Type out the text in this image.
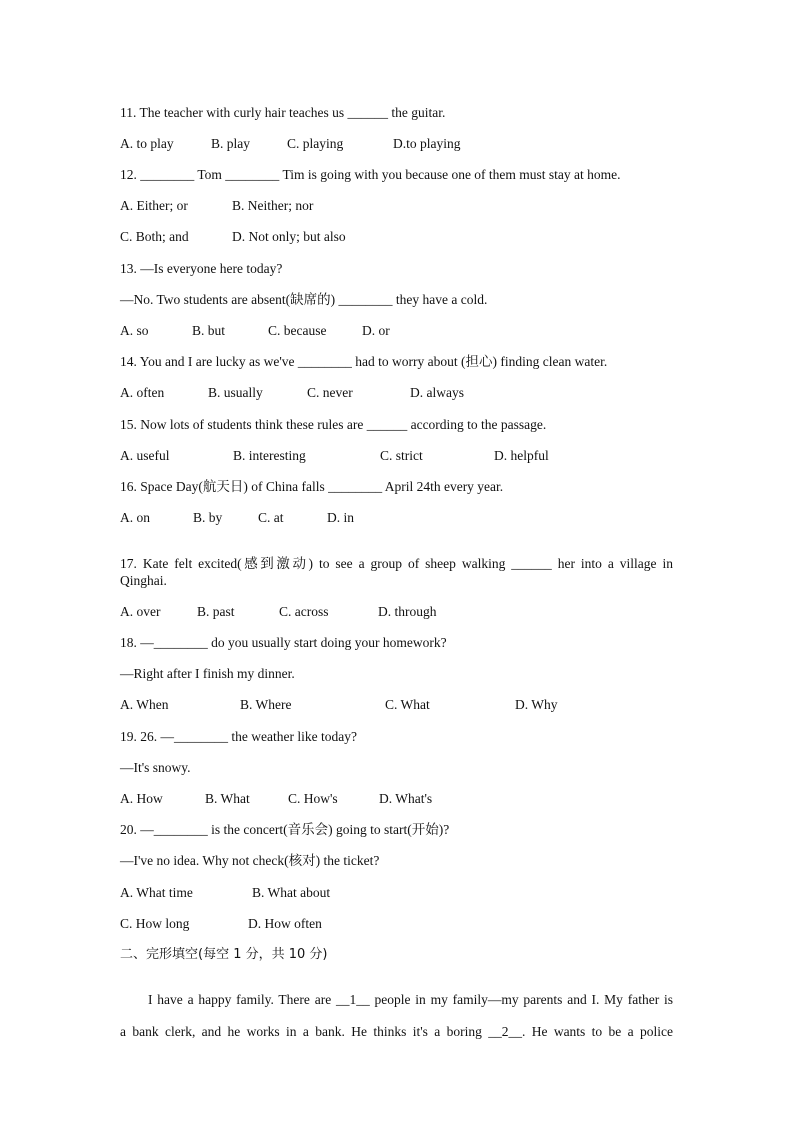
11. The teacher with curly hair teaches us ______ the guitar.

A. to play	B. play	C. playing	D.to playing

12. ________ Tom ________ Tim is going with you because one of them must stay at home.

A. Either; or	B. Neither; nor
C. Both; and	D. Not only; but also

13. —Is everyone here today?

—No. Two students are absent(缺席的) ________ they have a cold.

A. so	B. but	C. because	D. or

14. You and I are lucky as we've ________ had to worry about (担心) finding clean water.

A. often	B. usually	C. never	D. always

15. Now lots of students think these rules are ______ according to the passage.

A. useful	B. interesting	C. strict	D. helpful

16. Space Day(航天日) of China falls ________ April 24th every year.

A. on	B. by	C. at	D. in

17. Kate felt excited(感到激动) to see a group of sheep walking ______ her into a village in

Qinghai.

A. over	B. past	C. across	D. through

18. —________ do you usually start doing your homework?

—Right after I finish my dinner.

A. When	B. Where	C. What	D. Why

19. 26. —________ the weather like today?

—It's snowy.

A. How	B. What	C. How's	D. What's

20. —________ is the concert(音乐会) going to start(开始)?

—I've no idea. Why not check(核对) the ticket?

A. What time	B. What about
C. How long	D. How often

二、完形填空(每空 1 分，共 10 分)

I have a happy family. There are __1__ people in my family—my parents and I. My father is

a bank clerk, and he works in a bank. He thinks it's a boring __2__. He wants to be a police
